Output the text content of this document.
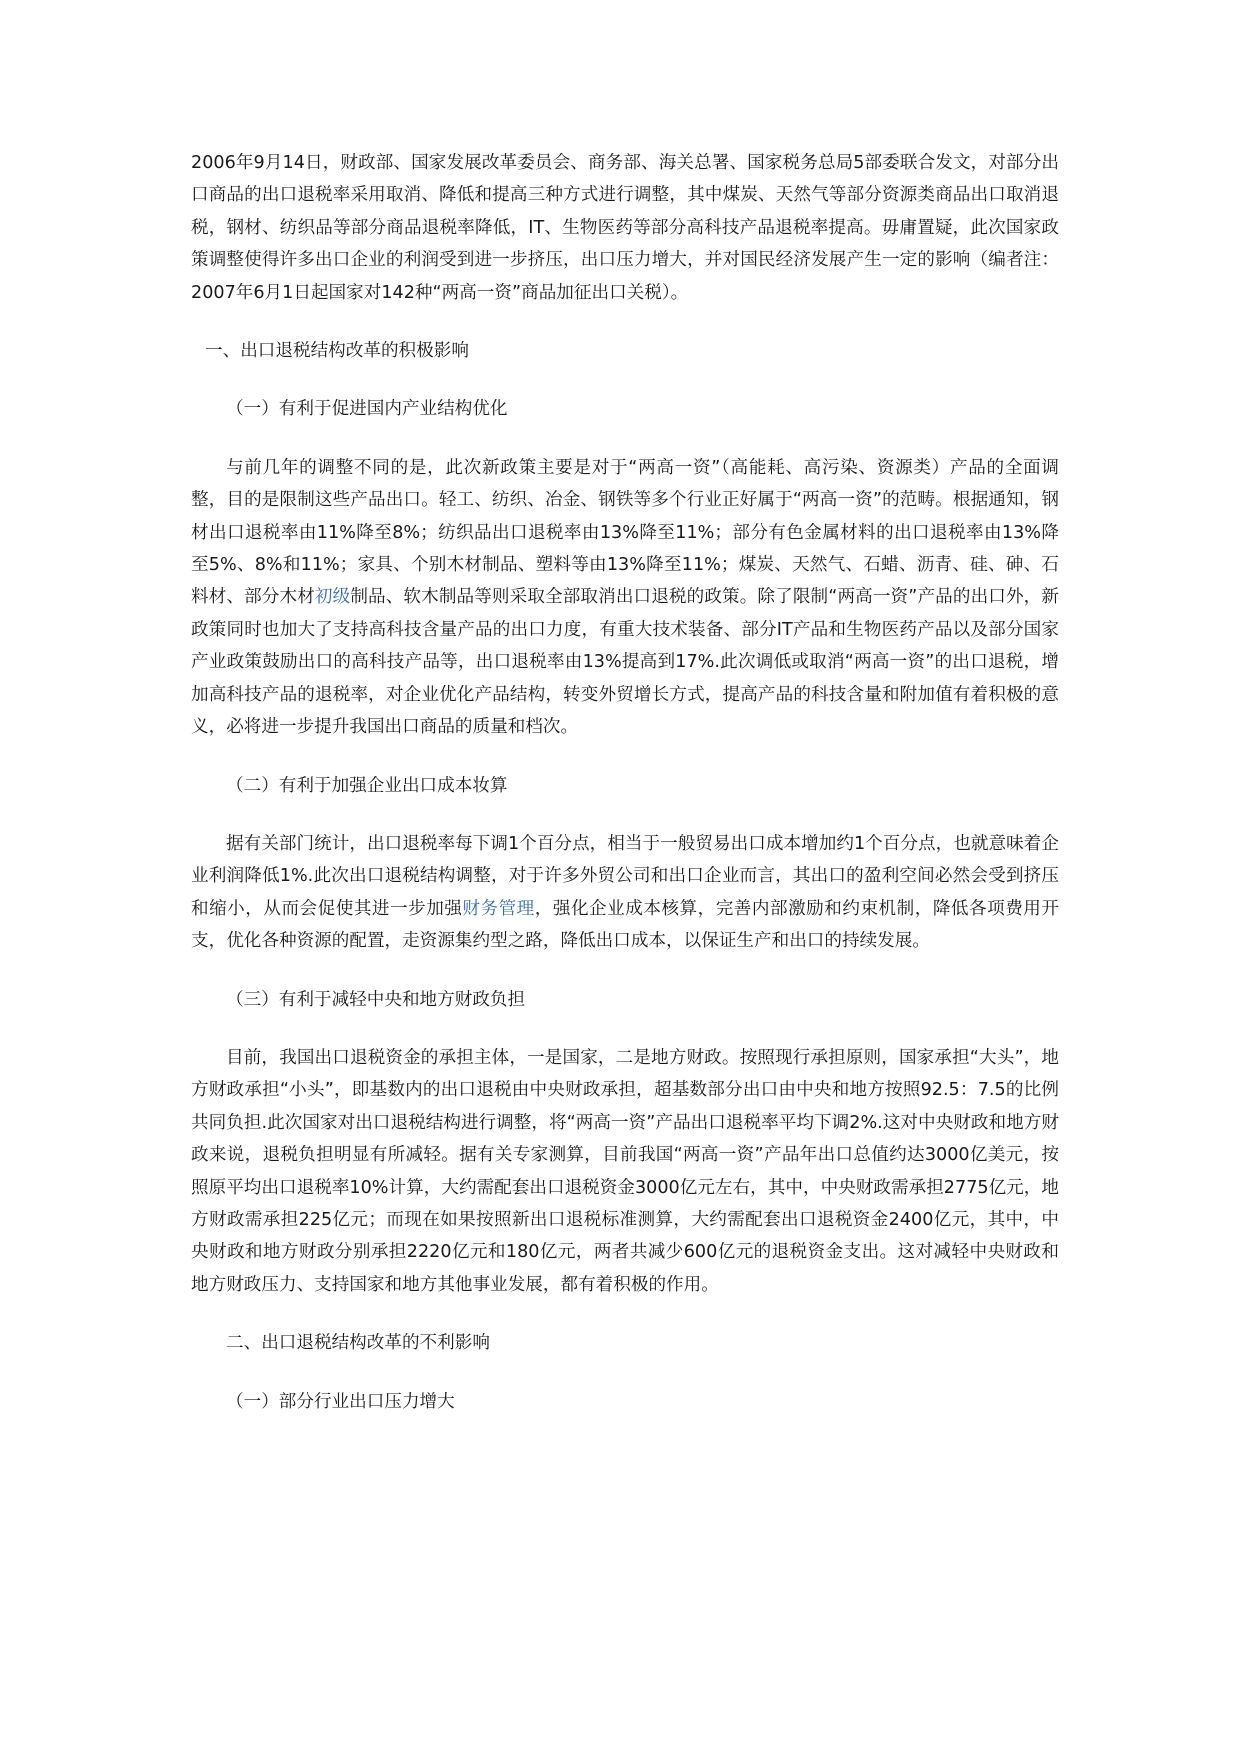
2006年9月14日，财政部、国家发展改革委员会、商务部、海关总署、国家税务总局5部委联合发文，对部分出口商品的出口退税率采用取消、降低和提高三种方式进行调整，其中煤炭、天然气等部分资源类商品出口取消退税，钢材、纺织品等部分商品退税率降低，IT、生物医药等部分高科技产品退税率提高。毋庸置疑，此次国家政策调整使得许多出口企业的利润受到进一步挤压，出口压力增大，并对国民经济发展产生一定的影响（编者注：2007年6月1日起国家对142种“两高一资”商品加征出口关税）。

一、出口退税结构改革的积极影响

（一）有利于促进国内产业结构优化

与前几年的调整不同的是，此次新政策主要是对于“两高一资”（高能耗、高污染、资源类）产品的全面调整，目的是限制这些产品出口。轻工、纺织、冶金、钢铁等多个行业正好属于“两高一资”的范畴。根据通知，钢材出口退税率由11%降至8%；纺织品出口退税率由13%降至11%；部分有色金属材料的出口退税率由13%降至5%、8%和11%；家具、个别木材制品、塑料等由13%降至11%；煤炭、天然气、石蜡、沥青、硅、砷、石料材、部分木材初级制品、软木制品等则采取全部取消出口退税的政策。除了限制“两高一资”产品的出口外，新政策同时也加大了支持高科技含量产品的出口力度，有重大技术装备、部分IT产品和生物医药产品以及部分国家产业政策鼓励出口的高科技产品等，出口退税率由13%提高到17%.此次调低或取消“两高一资”的出口退税，增加高科技产品的退税率，对企业优化产品结构，转变外贸增长方式，提高产品的科技含量和附加值有着积极的意义，必将进一步提升我国出口商品的质量和档次。

（二）有利于加强企业出口成本妆算

据有关部门统计，出口退税率每下调1个百分点，相当于一般贸易出口成本增加约1个百分点，也就意味着企业利润降低1%.此次出口退税结构调整，对于许多外贸公司和出口企业而言，其出口的盈利空间必然会受到挤压和缩小，从而会促使其进一步加强财务管理，强化企业成本核算，完善内部激励和约束机制，降低各项费用开支，优化各种资源的配置，走资源集约型之路，降低出口成本，以保证生产和出口的持续发展。

（三）有利于减轻中央和地方财政负担

目前，我国出口退税资金的承担主体，一是国家，二是地方财政。按照现行承担原则，国家承担“大头”，地方财政承担“小头”，即基数内的出口退税由中央财政承担，超基数部分出口由中央和地方按照92.5：7.5的比例共同负担.此次国家对出口退税结构进行调整，将“两高一资”产品出口退税率平均下调2%.这对中央财政和地方财政来说，退税负担明显有所减轻。据有关专家测算，目前我国“两高一资”产品年出口总值约达3000亿美元，按照原平均出口退税率10%计算，大约需配套出口退税资金3000亿元左右，其中，中央财政需承担2775亿元，地方财政需承担225亿元；而现在如果按照新出口退税标准测算，大约需配套出口退税资金2400亿元，其中，中央财政和地方财政分别承担2220亿元和180亿元，两者共减少600亿元的退税资金支出。这对减轻中央财政和地方财政压力、支持国家和地方其他事业发展，都有着积极的作用。

二、出口退税结构改革的不利影响

（一）部分行业出口压力增大
